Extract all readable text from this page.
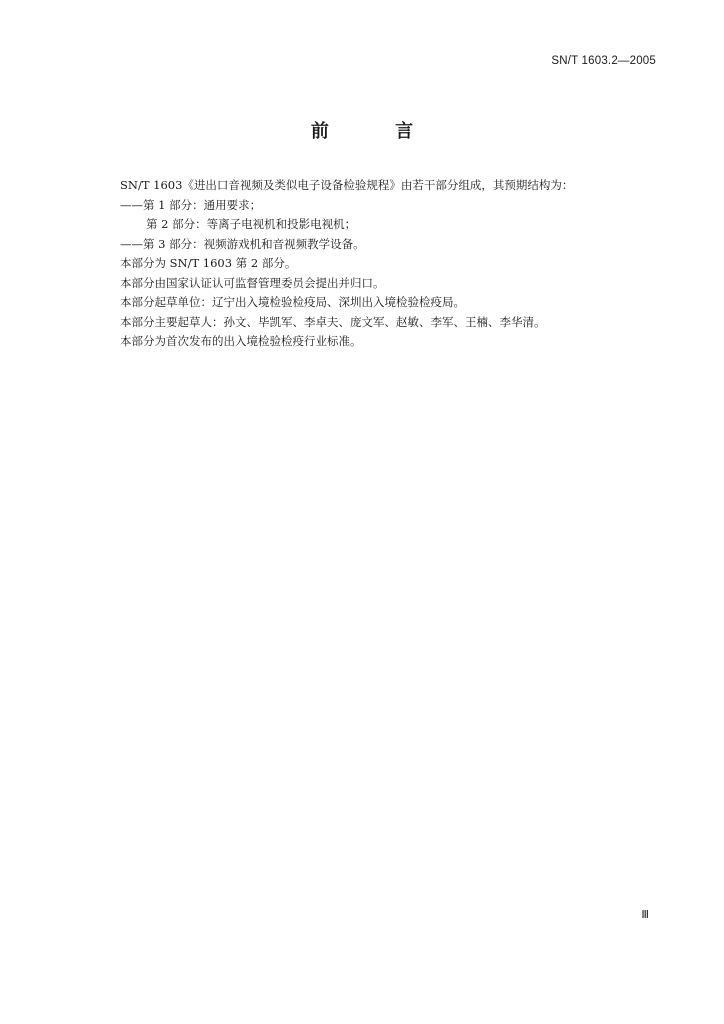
SN/T 1603.2—2005
前 言
SN/T 1603《进出口音视频及类似电子设备检验规程》由若干部分组成，其预期结构为：
——第 1 部分：通用要求；
第 2 部分：等离子电视机和投影电视机；
——第 3 部分：视频游戏机和音视频教学设备。
本部分为 SN/T 1603 第 2 部分。
本部分由国家认证认可监督管理委员会提出并归口。
本部分起草单位：辽宁出入境检验检疫局、深圳出入境检验检疫局。
本部分主要起草人：孙文、毕凯军、李卓夫、庞文军、赵敏、李军、王楠、李华清。
本部分为首次发布的出入境检验检疫行业标准。
Ⅲ
